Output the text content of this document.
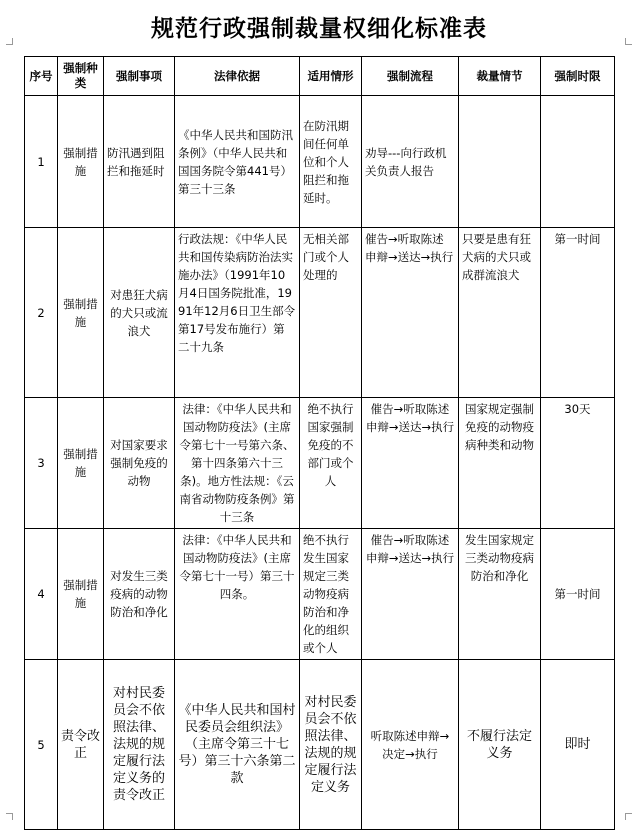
规范行政强制裁量权细化标准表
序号	强制种类	强制事项	法律依据	适用情形	强制流程	裁量情节	强制时限
1	强制措施	防汛遇到阻拦和拖延时	《中华人民共和国防汛条例》（中华人民共和国国务院令第441号）第三十三条	在防汛期间任何单位和个人阻拦和拖延时。	劝导---向行政机关负责人报告		
2	强制措施	对患狂犬病的犬只或流浪犬	行政法规：《中华人民共和国传染病防治法实施办法》（1991年10月4日国务院批准，1991年12月6日卫生部令第17号发布施行）第二十九条	无相关部门或个人处理的	催告→听取陈述申辩→送达→执行	只要是患有狂犬病的犬只或成群流浪犬	第一时间
3	强制措施	对国家要求强制免疫的动物	法律：《中华人民共和国动物防疫法》(主席令第七十一号第六条、第十四条第六十三条)。地方性法规：《云南省动物防疫条例》第十三条	绝不执行国家强制免疫的不部门或个人	催告→听取陈述申辩→送达→执行	国家规定强制免疫的动物疫病种类和动物	30天
4	强制措施	对发生三类疫病的动物防治和净化	法律：《中华人民共和国动物防疫法》(主席令第七十一号）第三十四条。	绝不执行发生国家规定三类动物疫病防治和净化的组织或个人	催告→听取陈述申辩→送达→执行	发生国家规定三类动物疫病防治和净化	第一时间
5	责令改正	对村民委员会不依照法律、法规的规定履行法定义务的责令改正	《中华人民共和国村民委员会组织法》（主席令第三十七号）第三十六条第二款	对村民委员会不依照法律、法规的规定履行法定义务	听取陈述申辩→决定→执行	不履行法定义务	即时
